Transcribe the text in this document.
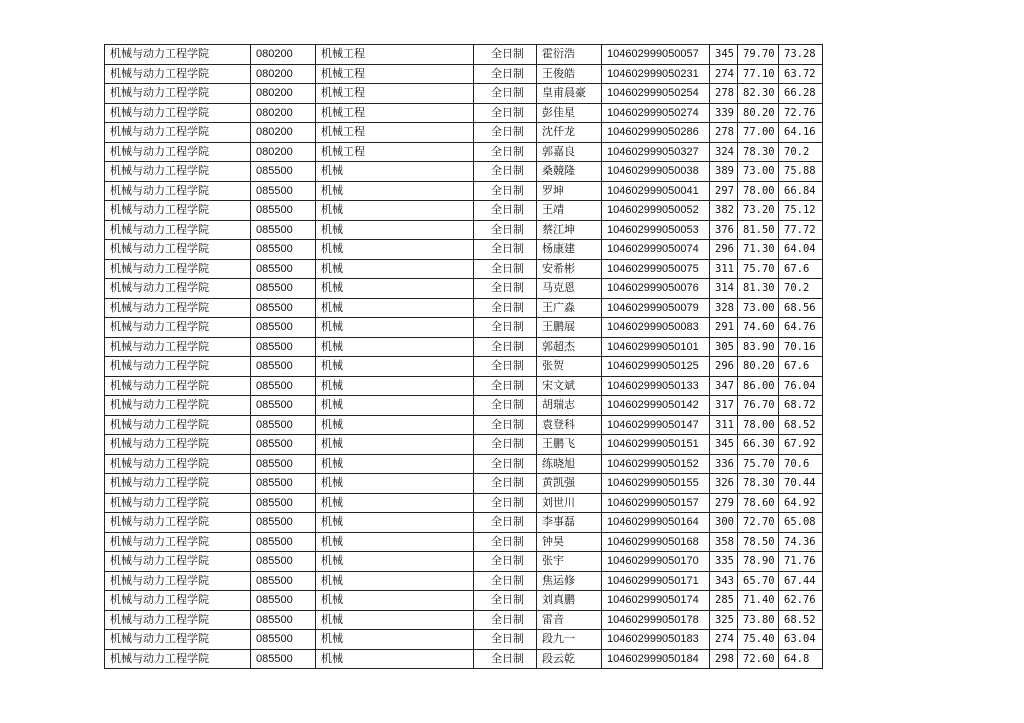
机械与动力工程学院	080200	机械工程	全日制	霍衍浩	104602999050057	345	79.70	73.28	
机械与动力工程学院	080200	机械工程	全日制	王俊皓	104602999050231	274	77.10	63.72	
机械与动力工程学院	080200	机械工程	全日制	皇甫晨豪	104602999050254	278	82.30	66.28	
机械与动力工程学院	080200	机械工程	全日制	彭佳星	104602999050274	339	80.20	72.76	
机械与动力工程学院	080200	机械工程	全日制	沈仟龙	104602999050286	278	77.00	64.16	
机械与动力工程学院	080200	机械工程	全日制	郭嘉良	104602999050327	324	78.30	70.2	
机械与动力工程学院	085500	机械	全日制	桑競隆	104602999050038	389	73.00	75.88	
机械与动力工程学院	085500	机械	全日制	罗坤	104602999050041	297	78.00	66.84	
机械与动力工程学院	085500	机械	全日制	王靖	104602999050052	382	73.20	75.12	
机械与动力工程学院	085500	机械	全日制	蔡江坤	104602999050053	376	81.50	77.72	
机械与动力工程学院	085500	机械	全日制	杨康建	104602999050074	296	71.30	64.04	
机械与动力工程学院	085500	机械	全日制	安希彬	104602999050075	311	75.70	67.6	
机械与动力工程学院	085500	机械	全日制	马克恩	104602999050076	314	81.30	70.2	
机械与动力工程学院	085500	机械	全日制	王广淼	104602999050079	328	73.00	68.56	
机械与动力工程学院	085500	机械	全日制	王鹏展	104602999050083	291	74.60	64.76	
机械与动力工程学院	085500	机械	全日制	郭超杰	104602999050101	305	83.90	70.16	
机械与动力工程学院	085500	机械	全日制	张贺	104602999050125	296	80.20	67.6	
机械与动力工程学院	085500	机械	全日制	宋文斌	104602999050133	347	86.00	76.04	
机械与动力工程学院	085500	机械	全日制	胡瑞志	104602999050142	317	76.70	68.72	
机械与动力工程学院	085500	机械	全日制	袁登科	104602999050147	311	78.00	68.52	
机械与动力工程学院	085500	机械	全日制	王鹏飞	104602999050151	345	66.30	67.92	
机械与动力工程学院	085500	机械	全日制	练晓旭	104602999050152	336	75.70	70.6	
机械与动力工程学院	085500	机械	全日制	黄凯强	104602999050155	326	78.30	70.44	
机械与动力工程学院	085500	机械	全日制	刘世川	104602999050157	279	78.60	64.92	
机械与动力工程学院	085500	机械	全日制	李事磊	104602999050164	300	72.70	65.08	
机械与动力工程学院	085500	机械	全日制	钟昊	104602999050168	358	78.50	74.36	
机械与动力工程学院	085500	机械	全日制	张宇	104602999050170	335	78.90	71.76	
机械与动力工程学院	085500	机械	全日制	焦运修	104602999050171	343	65.70	67.44	
机械与动力工程学院	085500	机械	全日制	刘真鹏	104602999050174	285	71.40	62.76	
机械与动力工程学院	085500	机械	全日制	雷音	104602999050178	325	73.80	68.52	
机械与动力工程学院	085500	机械	全日制	段九一	104602999050183	274	75.40	63.04	
机械与动力工程学院	085500	机械	全日制	段云乾	104602999050184	298	72.60	64.8	
